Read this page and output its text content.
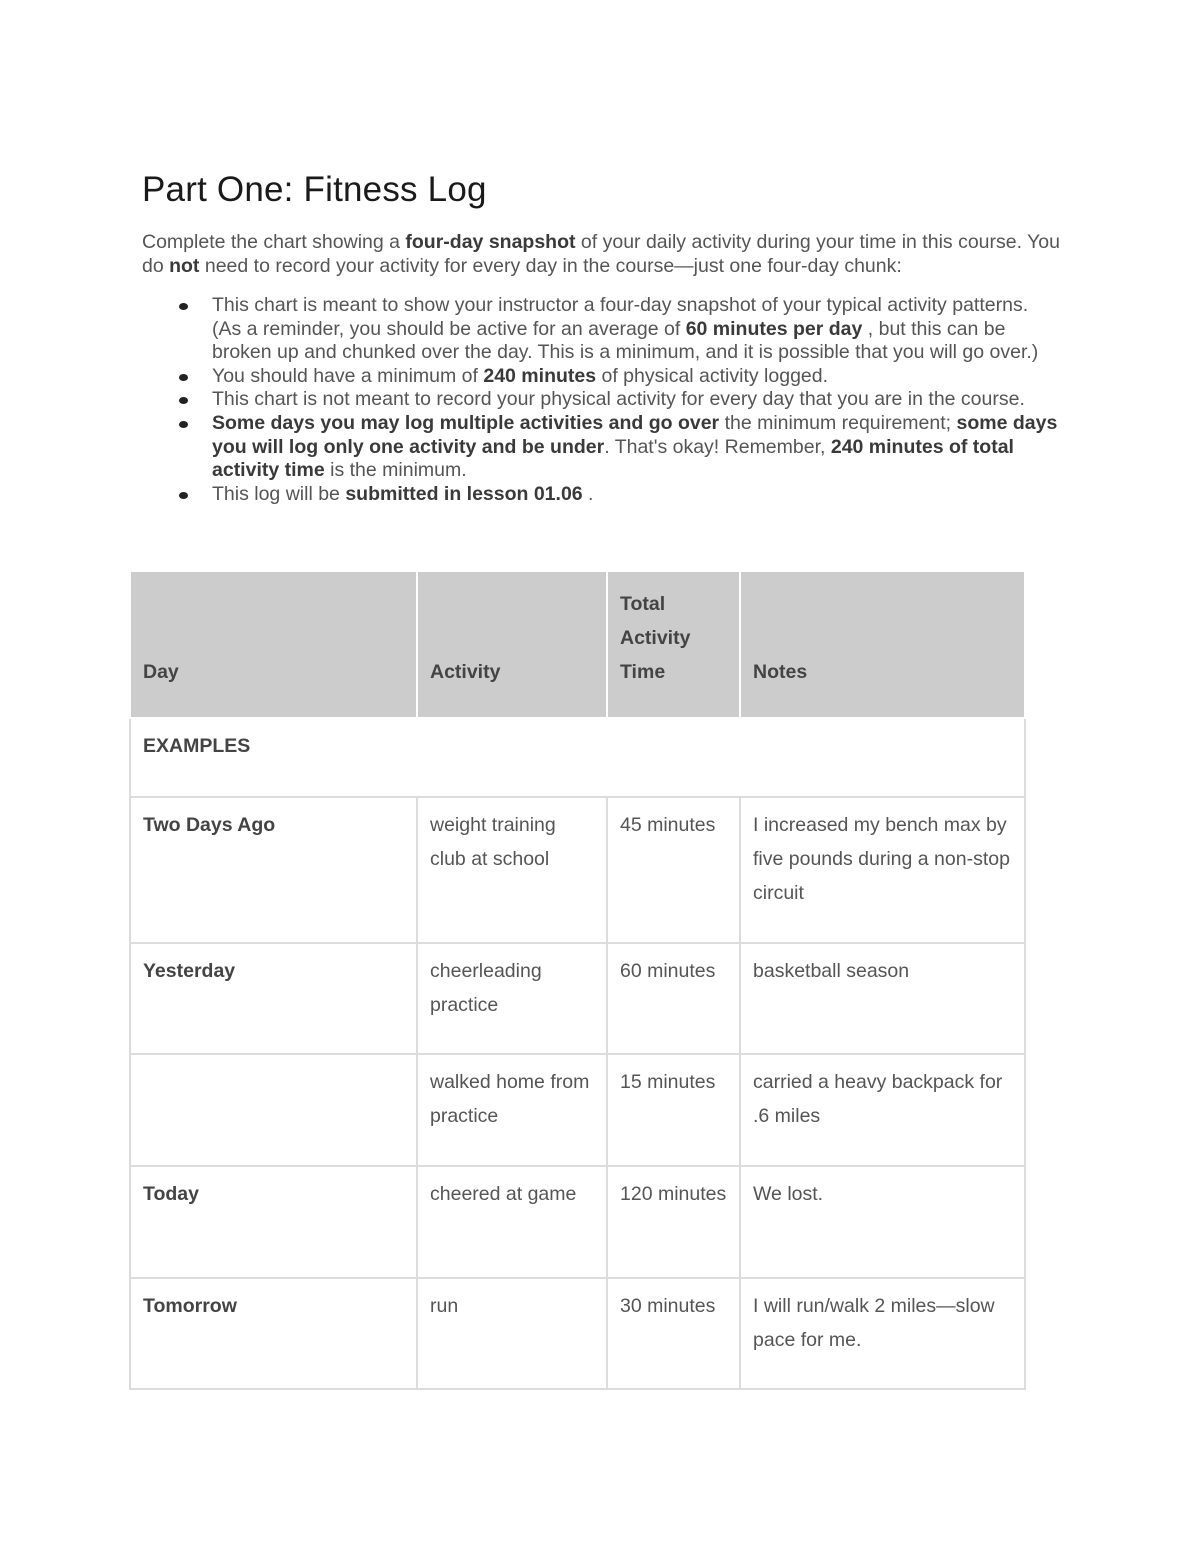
Part One: Fitness Log

Complete the chart showing a four-day snapshot of your daily activity during your time in this course. You do not need to record your activity for every day in the course—just one four-day chunk:

This chart is meant to show your instructor a four-day snapshot of your typical activity patterns. (As a reminder, you should be active for an average of 60 minutes per day , but this can be broken up and chunked over the day. This is a minimum, and it is possible that you will go over.)
You should have a minimum of 240 minutes of physical activity logged.
This chart is not meant to record your physical activity for every day that you are in the course.
Some days you may log multiple activities and go over the minimum requirement; some days you will log only one activity and be under. That's okay! Remember, 240 minutes of total activity time is the minimum.
This log will be submitted in lesson 01.06 .
Day	Activity	Total Activity Time	Notes
EXAMPLES			
Two Days Ago	weight training club at school	45 minutes	I increased my bench max by five pounds during a non-stop circuit
Yesterday	cheerleading practice	60 minutes	basketball season
	walked home from practice	15 minutes	carried a heavy backpack for .6 miles
Today	cheered at game	120 minutes	We lost.
Tomorrow	run	30 minutes	I will run/walk 2 miles—slow pace for me.
